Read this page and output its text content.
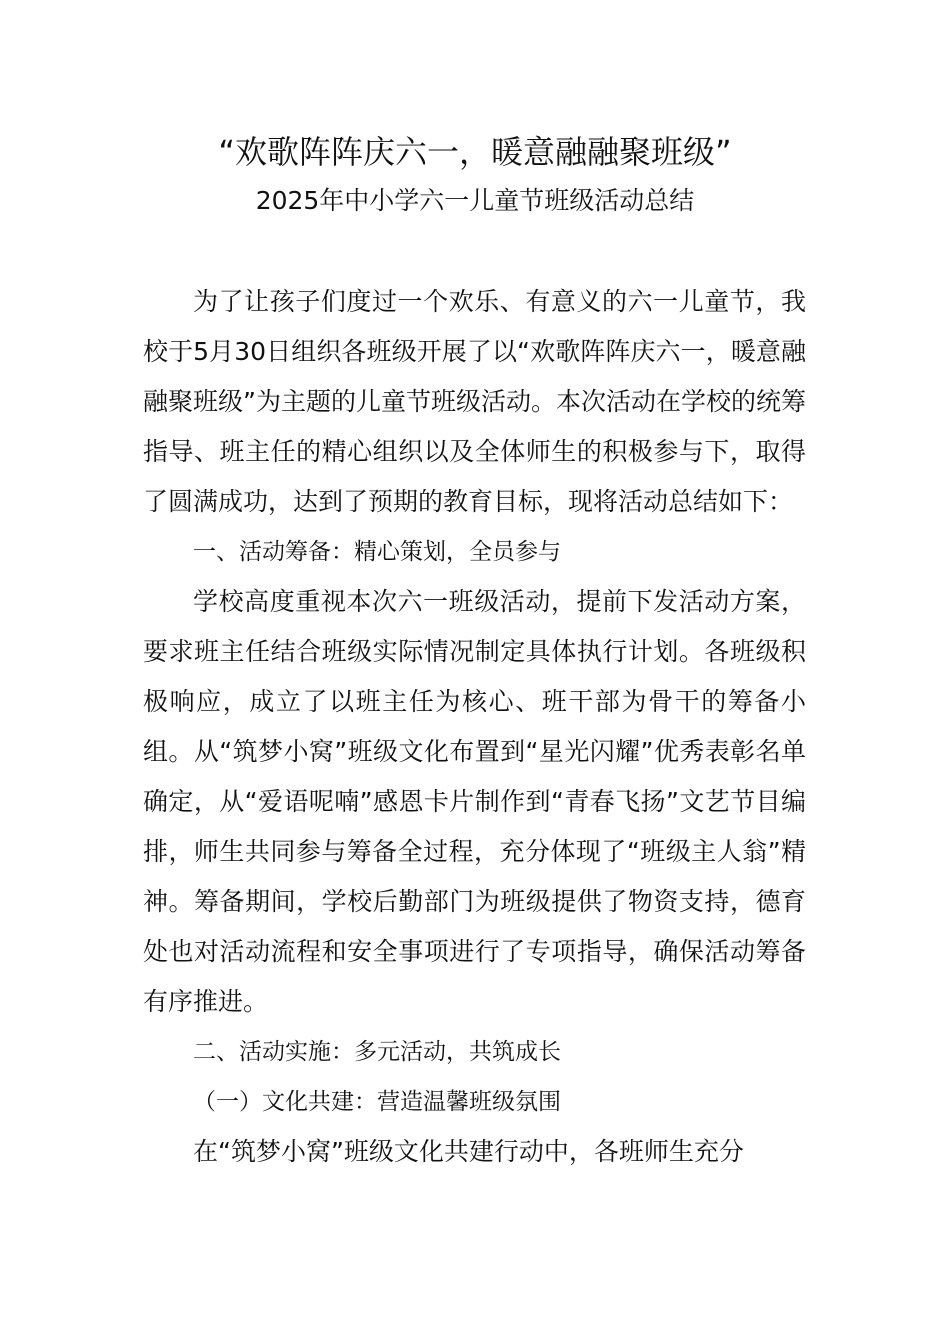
“欢歌阵阵庆六一，暖意融融聚班级”
2025年中小学六一儿童节班级活动总结

为了让孩子们度过一个欢乐、有意义的六一儿童节，我校于5月30日组织各班级开展了以“欢歌阵阵庆六一，暖意融融聚班级”为主题的儿童节班级活动。本次活动在学校的统筹指导、班主任的精心组织以及全体师生的积极参与下，取得了圆满成功，达到了预期的教育目标，现将活动总结如下：

一、活动筹备：精心策划，全员参与

学校高度重视本次六一班级活动，提前下发活动方案，要求班主任结合班级实际情况制定具体执行计划。各班级积极响应，成立了以班主任为核心、班干部为骨干的筹备小组。从“筑梦小窝”班级文化布置到“星光闪耀”优秀表彰名单确定，从“爱语呢喃”感恩卡片制作到“青春飞扬”文艺节目编排，师生共同参与筹备全过程，充分体现了“班级主人翁”精神。筹备期间，学校后勤部门为班级提供了物资支持，德育处也对活动流程和安全事项进行了专项指导，确保活动筹备有序推进。

二、活动实施：多元活动，共筑成长

（一）文化共建：营造温馨班级氛围

在“筑梦小窝”班级文化共建行动中，各班师生充分
